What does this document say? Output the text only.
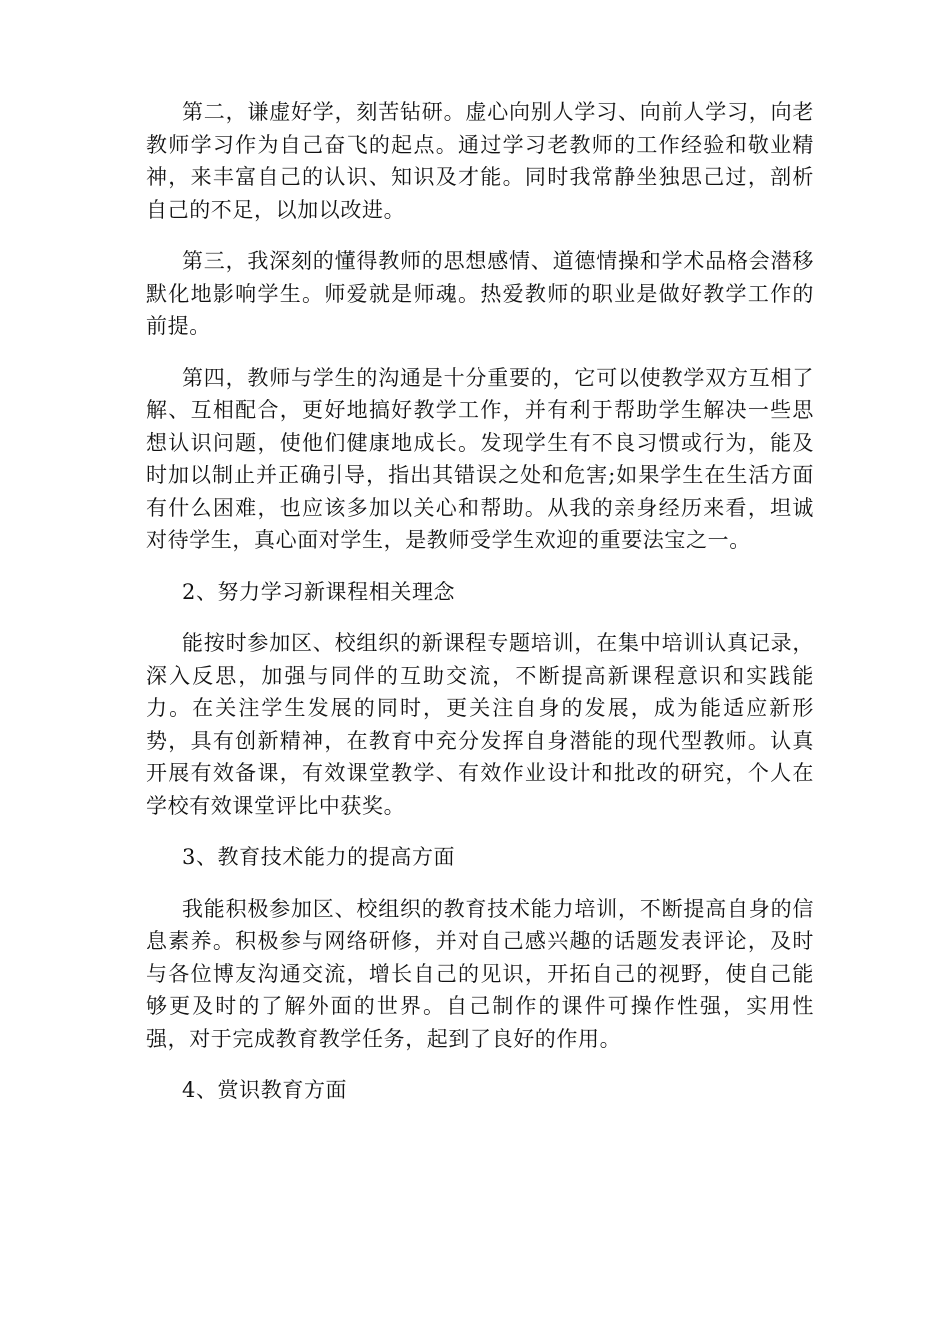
第二，谦虚好学，刻苦钻研。虚心向别人学习、向前人学习，向老教师学习作为自己奋飞的起点。通过学习老教师的工作经验和敬业精神，来丰富自己的认识、知识及才能。同时我常静坐独思己过，剖析自己的不足，以加以改进。

第三，我深刻的懂得教师的思想感情、道德情操和学术品格会潜移默化地影响学生。师爱就是师魂。热爱教师的职业是做好教学工作的前提。

第四，教师与学生的沟通是十分重要的，它可以使教学双方互相了解、互相配合，更好地搞好教学工作，并有利于帮助学生解决一些思想认识问题，使他们健康地成长。发现学生有不良习惯或行为，能及时加以制止并正确引导，指出其错误之处和危害;如果学生在生活方面有什么困难，也应该多加以关心和帮助。从我的亲身经历来看，坦诚对待学生，真心面对学生，是教师受学生欢迎的重要法宝之一。

2、努力学习新课程相关理念

能按时参加区、校组织的新课程专题培训，在集中培训认真记录，深入反思，加强与同伴的互助交流，不断提高新课程意识和实践能力。在关注学生发展的同时，更关注自身的发展，成为能适应新形势，具有创新精神，在教育中充分发挥自身潜能的现代型教师。认真开展有效备课，有效课堂教学、有效作业设计和批改的研究，个人在学校有效课堂评比中获奖。

3、教育技术能力的提高方面

我能积极参加区、校组织的教育技术能力培训，不断提高自身的信息素养。积极参与网络研修，并对自己感兴趣的话题发表评论，及时与各位博友沟通交流，增长自己的见识，开拓自己的视野，使自己能够更及时的了解外面的世界。自己制作的课件可操作性强，实用性强，对于完成教育教学任务，起到了良好的作用。

4、赏识教育方面
